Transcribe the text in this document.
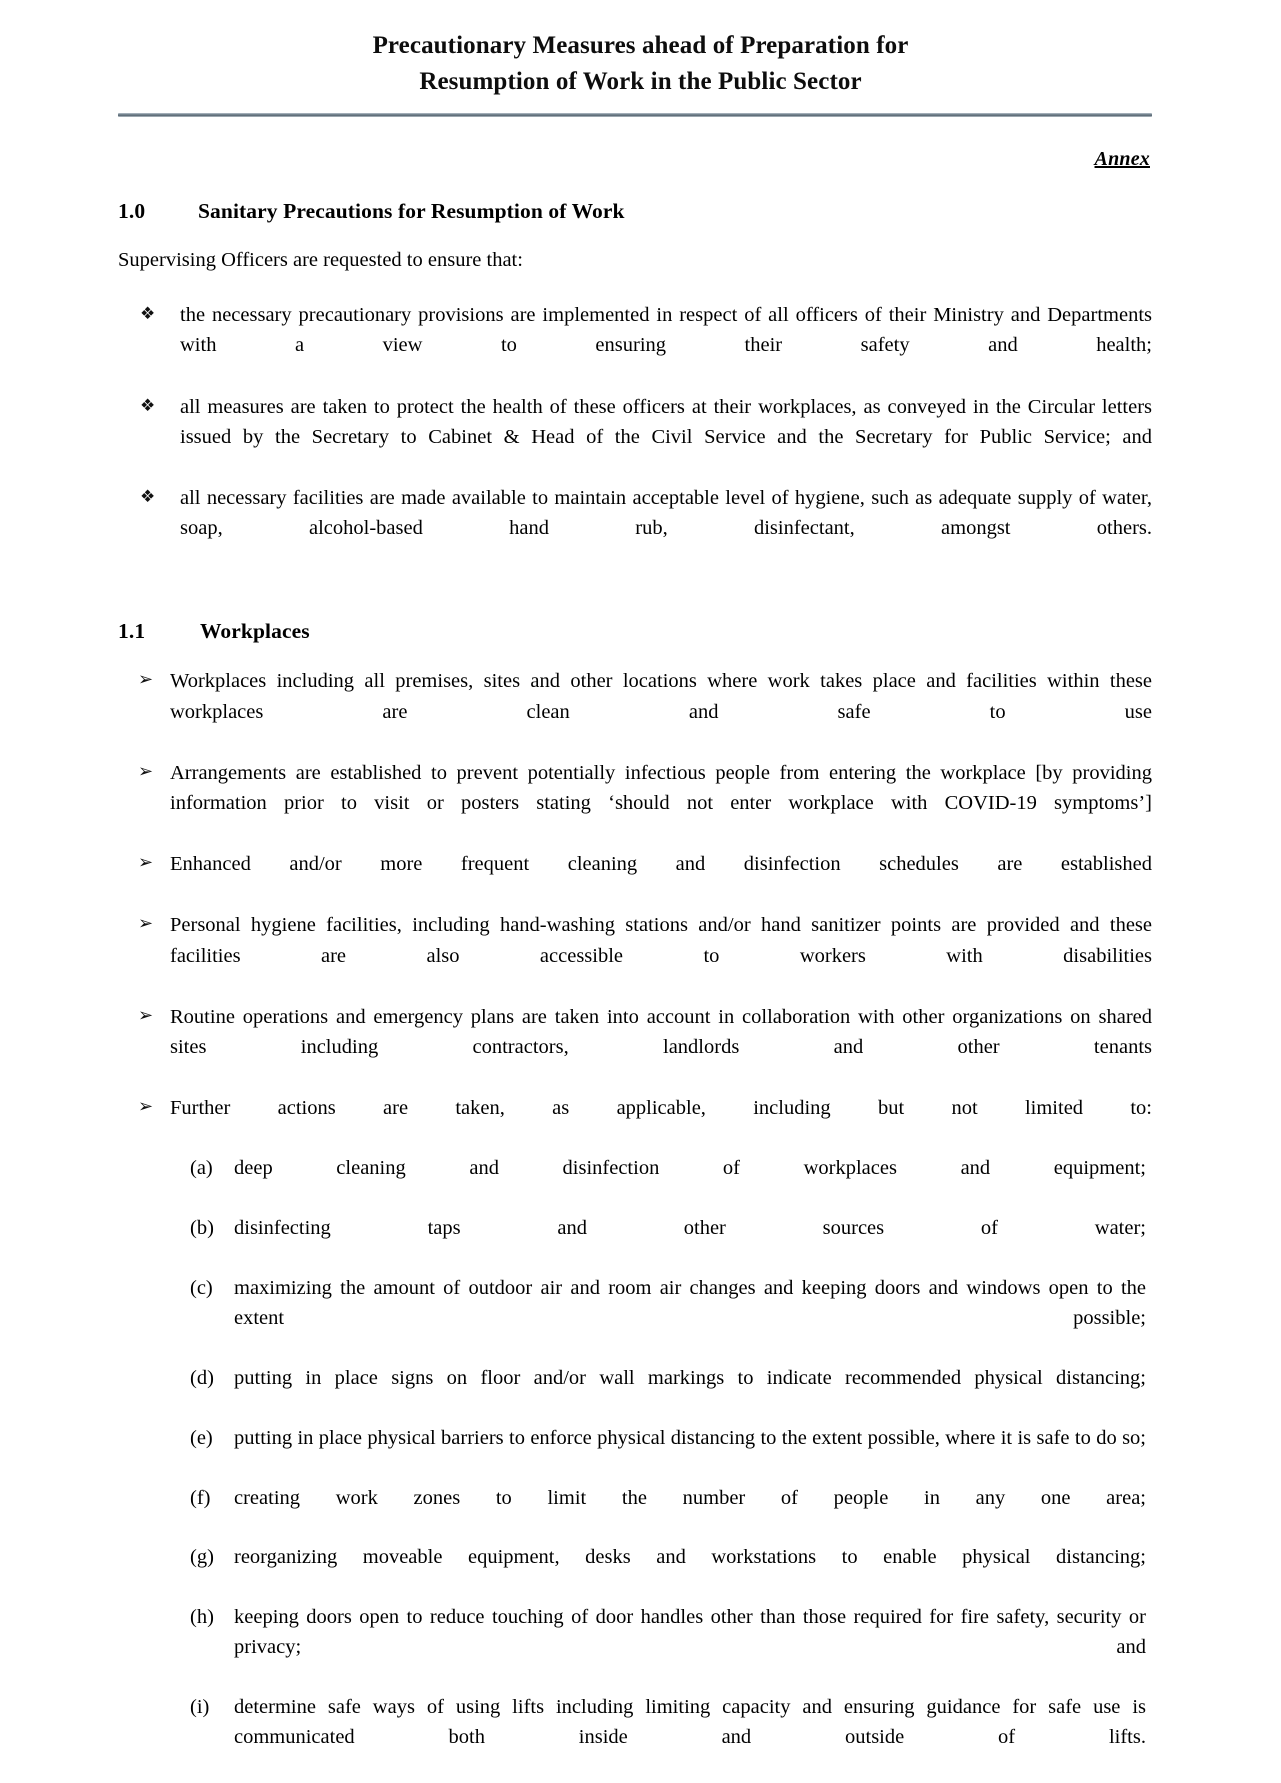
Precautionary Measures ahead of Preparation for
Resumption of Work in the Public Sector
Annex
1.0	Sanitary Precautions for Resumption of Work

Supervising Officers are requested to ensure that:

❖	the necessary precautionary provisions are implemented in respect of all officers of their Ministry and Departments with a view to ensuring their safety and health;
❖	all measures are taken to protect the health of these officers at their workplaces, as conveyed in the Circular letters issued by the Secretary to Cabinet & Head of the Civil Service and the Secretary for Public Service; and
❖	all necessary facilities are made available to maintain acceptable level of hygiene, such as adequate supply of water, soap, alcohol-based hand rub, disinfectant, amongst others.
1.1	Workplaces
➢ Workplaces including all premises, sites and other locations where work takes place and facilities within these workplaces are clean and safe to use
➢ Arrangements are established to prevent potentially infectious people from entering the workplace [by providing information prior to visit or posters stating ‘should not enter workplace with COVID-19 symptoms’]
➢ Enhanced and/or more frequent cleaning and disinfection schedules are established
➢ Personal hygiene facilities, including hand-washing stations and/or hand sanitizer points are provided and these facilities are also accessible to workers with disabilities
➢ Routine operations and emergency plans are taken into account in collaboration with other organizations on shared sites including contractors, landlords and other tenants
➢ Further actions are taken, as applicable, including but not limited to:
(a)	deep cleaning and disinfection of workplaces and equipment;
(b) disinfecting taps and other sources of water;
(c)	maximizing the amount of outdoor air and room air changes and keeping doors and windows open to the extent possible;
(d) putting in place signs on floor and/or wall markings to indicate recommended physical distancing;
(e)	putting in place physical barriers to enforce physical distancing to the extent possible, where it is safe to do so;
(f)	creating work zones to limit the number of people in any one area;
(g) reorganizing moveable equipment, desks and workstations to enable physical distancing;
(h) keeping doors open to reduce touching of door handles other than those required for fire safety, security or privacy; and
(i)	determine safe ways of using lifts including limiting capacity and ensuring guidance for safe use is communicated both inside and outside of lifts.
